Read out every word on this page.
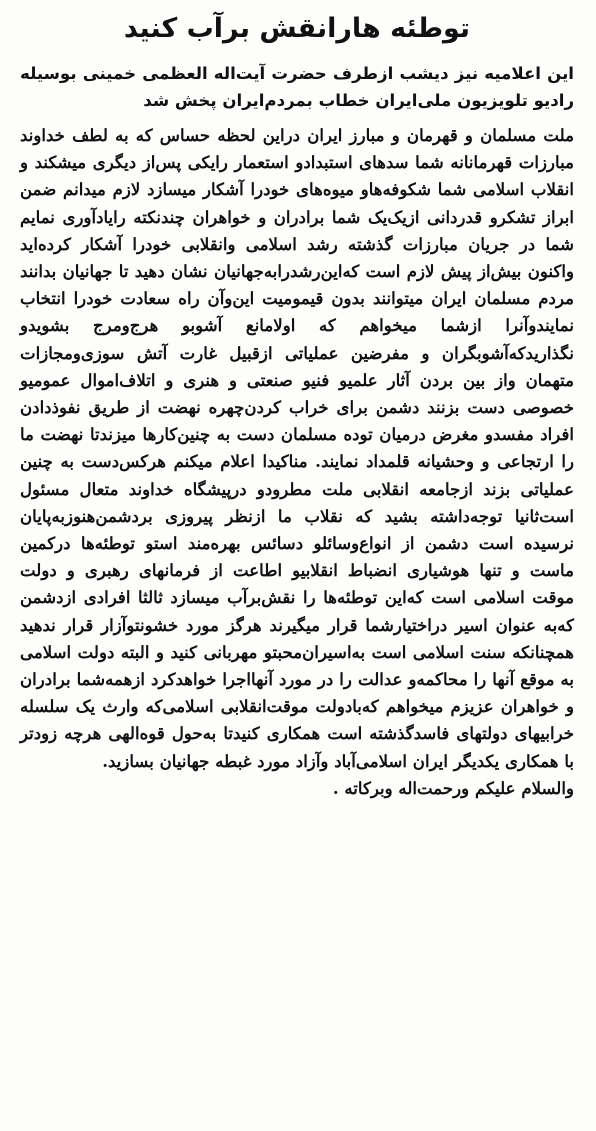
توطئه هارانقش برآب کنید
این اعلامیه نیز دیشب ازطرف حضرت آیت‌اله العظمی خمینی بوسیله رادیو تلویزیون ملی‌ایران خطاب بمردم‌ایران پخش شد

ملت مسلمان و قهرمان و مبارز ایران دراین لحظه حساس که به لطف خداوند مبارزات قهرمانانه شما سدهای استبدادو استعمار رایکی پس‌از دیگری میشکند و انقلاب اسلامی شما شکوفه‌هاو میوه‌های خودرا آشکار میسازد لازم میدانم ضمن ابراز تشکرو قدردانی ازیک‌یک شما برادران و خواهران چندنکته رایادآوری نمایم شما در جریان مبارزات گذشته رشد اسلامی وانقلابی خودرا آشکار کرده‌اید واکنون بیش‌از پیش لازم است که‌این‌رشدرابه‌جهانیان نشان دهید تا جهانیان بدانند مردم مسلمان ایران میتوانند بدون قیمومیت این‌وآن راه سعادت خودرا انتخاب نمایندوآنرا ازشما میخواهم که اولامانع آشوبو هرج‌ومرج بشویدو نگذاریدکه‌آشوبگران و مفرضین عملیاتی ازقبیل غارت آتش سوزی‌ومجازات متهمان واز بین بردن آثار علمیو فنیو صنعتی و هنری و اتلاف‌اموال عمومیو خصوصی دست بزنند دشمن برای خراب کردن‌چهره نهضت از طریق نفوذدادن افراد مفسدو مغرض درمیان توده مسلمان دست به چنین‌کارها میزندتا نهضت ما را ارتجاعی و وحشیانه قلمداد نمایند. مناکیدا اعلام میکنم هرکس‌دست به چنین عملیاتی بزند ازجامعه انقلابی ملت مطرودو درپیشگاه خداوند متعال مسئول است‌ثانیا توجه‌داشته بشید که نقلاب ما ازنظر پیروزی بردشمن‌هنوزبه‌پایان نرسیده است دشمن از انواع‌وسائلو دسائس بهره‌مند استو توطئه‌ها درکمین ماست و تنها هوشیاری انضباط انقلابیو اطاعت از فرمانهای رهبری و دولت موقت اسلامی است که‌این توطئه‌ها را نقش‌برآب میسازد ثالثا افرادی ازدشمن که‌به عنوان اسیر دراختیارشما قرار میگیرند هرگز مورد خشونتوآزار قرار ندهید همچنانکه سنت اسلامی است به‌اسیران‌محبتو مهربانی کنید و البته دولت اسلامی به موقع آنها را محاکمه‌و عدالت را در مورد آنهااجرا خواهدکرد ازهمه‌شما برادران و خواهران عزیزم میخواهم که‌بادولت موقت‌انقلابی اسلامی‌که وارث یک سلسله خرابیهای دولتهای فاسدگذشته است همکاری کنیدتا به‌حول قوه‌الهی هرچه زودتر با همکاری یکدیگر ایران اسلامی‌آباد وآزاد مورد غبطه جهانیان بسازید.

والسلام علیکم ورحمت‌اله وبرکاته .
